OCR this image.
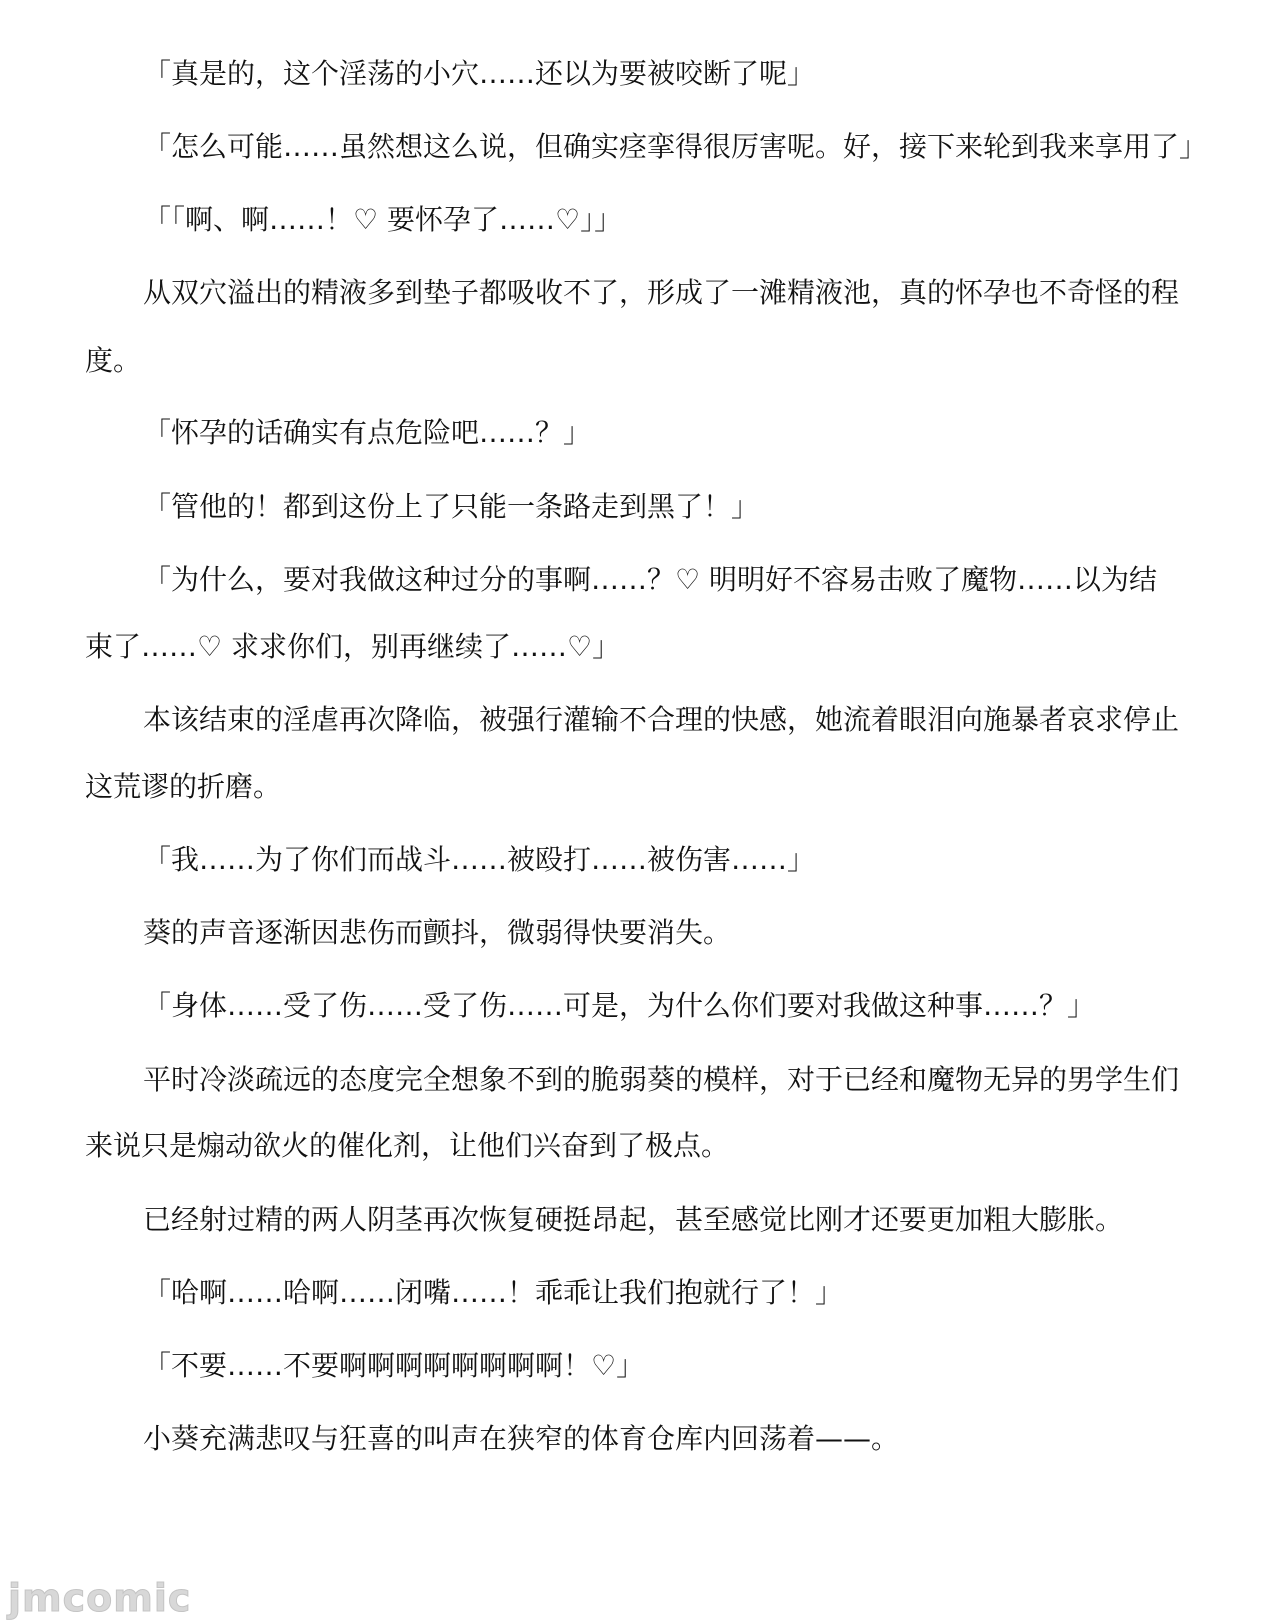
「真是的，这个淫荡的小穴……还以为要被咬断了呢」
「怎么可能……虽然想这么说，但确实痉挛得很厉害呢。好，接下来轮到我来享用了」
「「啊、啊……！♡ 要怀孕了……♡」」
从双穴溢出的精液多到垫子都吸收不了，形成了一滩精液池，真的怀孕也不奇怪的程
度。
「怀孕的话确实有点危险吧……？」
「管他的！都到这份上了只能一条路走到黑了！」
「为什么，要对我做这种过分的事啊……？♡ 明明好不容易击败了魔物……以为结
束了……♡ 求求你们，别再继续了……♡」
本该结束的淫虐再次降临，被强行灌输不合理的快感，她流着眼泪向施暴者哀求停止
这荒谬的折磨。
「我……为了你们而战斗……被殴打……被伤害……」
葵的声音逐渐因悲伤而颤抖，微弱得快要消失。
「身体……受了伤……受了伤……可是，为什么你们要对我做这种事……？」
平时冷淡疏远的态度完全想象不到的脆弱葵的模样，对于已经和魔物无异的男学生们
来说只是煽动欲火的催化剂，让他们兴奋到了极点。
已经射过精的两人阴茎再次恢复硬挺昂起，甚至感觉比刚才还要更加粗大膨胀。
「哈啊……哈啊……闭嘴……！乖乖让我们抱就行了！」
「不要……不要啊啊啊啊啊啊啊啊！♡」
小葵充满悲叹与狂喜的叫声在狭窄的体育仓库内回荡着——。
jmcomic
